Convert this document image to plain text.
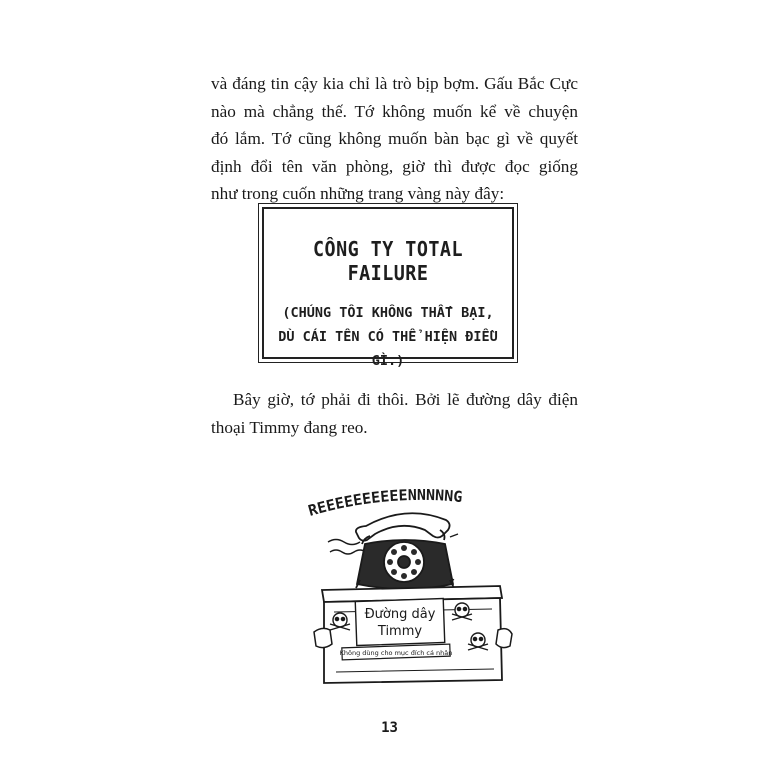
và đáng tin cậy kia chỉ là trò bịp bợm. Gấu Bắc Cực
nào mà chẳng thế. Tớ không muốn kể về chuyện
đó lắm. Tớ cũng không muốn bàn bạc gì về quyết
định đổi tên văn phòng, giờ thì được đọc giống
như trong cuốn những trang vàng này đây:

CÔNG TY TOTAL FAILURE
(CHÚNG TÔI KHÔNG THẤT BẠI,
DÙ CÁI TÊN CÓ THỂ HIỆN ĐIỀU GÌ.)

Bây giờ, tớ phải đi thôi. Bởi lẽ đường dây điện
thoại Timmy đang reo.

REEEEEEEEEENNNNNG
Đường dây
Timmy
Không dùng cho mục đích cá nhân
13
